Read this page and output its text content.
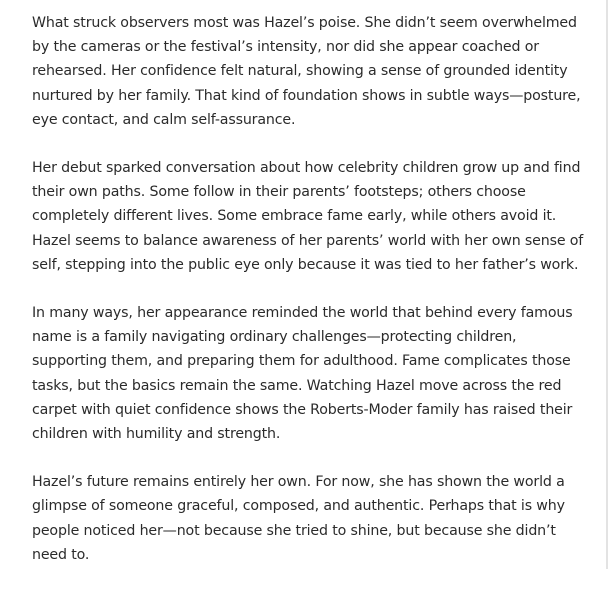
What struck observers most was Hazel’s poise. She didn’t seem overwhelmed by the cameras or the festival’s intensity, nor did she appear coached or rehearsed. Her confidence felt natural, showing a sense of grounded identity nurtured by her family. That kind of foundation shows in subtle ways—posture, eye contact, and calm self-assurance.

Her debut sparked conversation about how celebrity children grow up and find their own paths. Some follow in their parents’ footsteps; others choose completely different lives. Some embrace fame early, while others avoid it. Hazel seems to balance awareness of her parents’ world with her own sense of self, stepping into the public eye only because it was tied to her father’s work.

In many ways, her appearance reminded the world that behind every famous name is a family navigating ordinary challenges—protecting children, supporting them, and preparing them for adulthood. Fame complicates those tasks, but the basics remain the same. Watching Hazel move across the red carpet with quiet confidence shows the Roberts-Moder family has raised their children with humility and strength.

Hazel’s future remains entirely her own. For now, she has shown the world a glimpse of someone graceful, composed, and authentic. Perhaps that is why people noticed her—not because she tried to shine, but because she didn’t need to.
